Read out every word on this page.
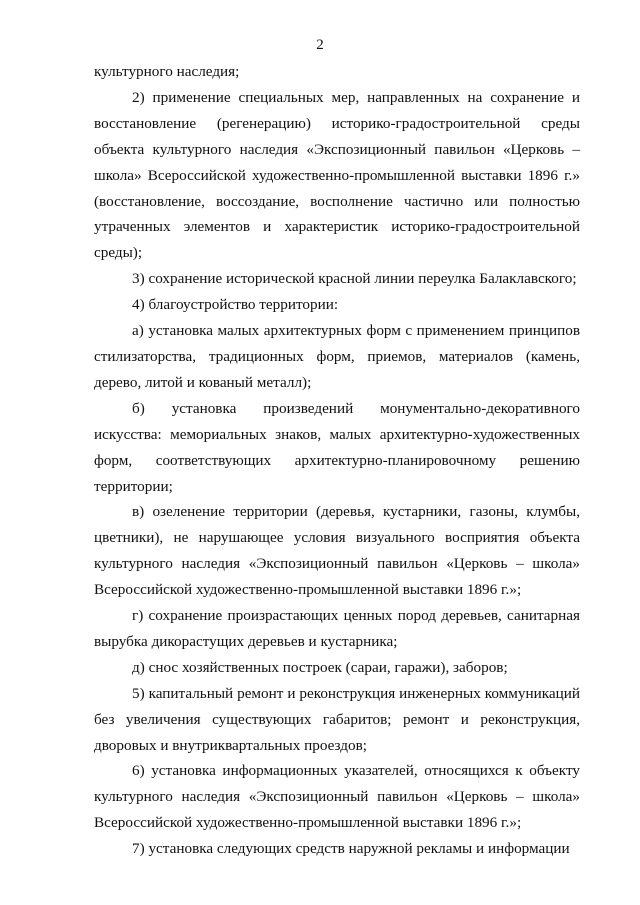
2

культурного наследия;

2) применение специальных мер, направленных на сохранение и восстановление (регенерацию) историко-градостроительной среды объекта культурного наследия «Экспозиционный павильон «Церковь – школа» Всероссийской художественно-промышленной выставки 1896 г.» (восстановление, воссоздание, восполнение частично или полностью утраченных элементов и характеристик историко-градостроительной среды);

3) сохранение исторической красной линии переулка Балаклавского;

4) благоустройство территории:

а) установка малых архитектурных форм с применением принципов стилизаторства, традиционных форм, приемов, материалов (камень, дерево, литой и кованый металл);

б) установка произведений монументально-декоративного искусства: мемориальных знаков, малых архитектурно-художественных форм, соответствующих архитектурно-планировочному решению территории;

в) озеленение территории (деревья, кустарники, газоны, клумбы, цветники), не нарушающее условия визуального восприятия объекта культурного наследия «Экспозиционный павильон «Церковь – школа» Всероссийской художественно-промышленной выставки 1896 г.»;

г) сохранение произрастающих ценных пород деревьев, санитарная вырубка дикорастущих деревьев и кустарника;

д) снос хозяйственных построек (сараи, гаражи), заборов;

5) капитальный ремонт и реконструкция инженерных коммуникаций без увеличения существующих габаритов; ремонт и реконструкция, дворовых и внутриквартальных проездов;

6) установка информационных указателей, относящихся к объекту культурного наследия «Экспозиционный павильон «Церковь – школа» Всероссийской художественно-промышленной выставки 1896 г.»;

7) установка следующих средств наружной рекламы и информации
